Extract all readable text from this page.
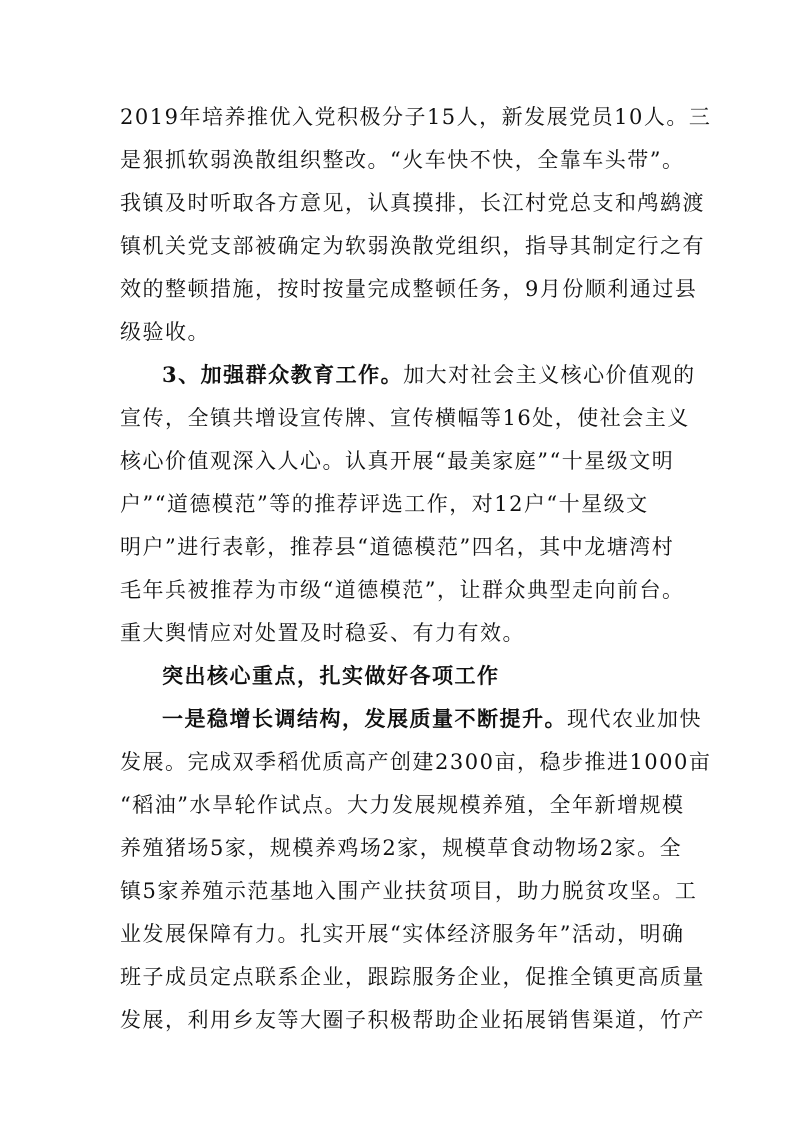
2019年培养推优入党积极分子15人，新发展党员10人。三
是狠抓软弱涣散组织整改。“火车快不快，全靠车头带”。
我镇及时听取各方意见，认真摸排，长江村党总支和鸬鹚渡
镇机关党支部被确定为软弱涣散党组织，指导其制定行之有
效的整顿措施，按时按量完成整顿任务，9月份顺利通过县
级验收。
3、加强群众教育工作。加大对社会主义核心价值观的
宣传，全镇共增设宣传牌、宣传横幅等16处，使社会主义
核心价值观深入人心。认真开展“最美家庭”“十星级文明
户”“道德模范”等的推荐评选工作，对12户“十星级文
明户”进行表彰，推荐县“道德模范”四名，其中龙塘湾村
毛年兵被推荐为市级“道德模范”，让群众典型走向前台。
重大舆情应对处置及时稳妥、有力有效。
突出核心重点，扎实做好各项工作
一是稳增长调结构，发展质量不断提升。现代农业加快
发展。完成双季稻优质高产创建2300亩，稳步推进1000亩
“稻油”水旱轮作试点。大力发展规模养殖，全年新增规模
养殖猪场5家，规模养鸡场2家，规模草食动物场2家。全
镇5家养殖示范基地入围产业扶贫项目，助力脱贫攻坚。工
业发展保障有力。扎实开展“实体经济服务年”活动，明确
班子成员定点联系企业，跟踪服务企业，促推全镇更高质量
发展，利用乡友等大圈子积极帮助企业拓展销售渠道，竹产
